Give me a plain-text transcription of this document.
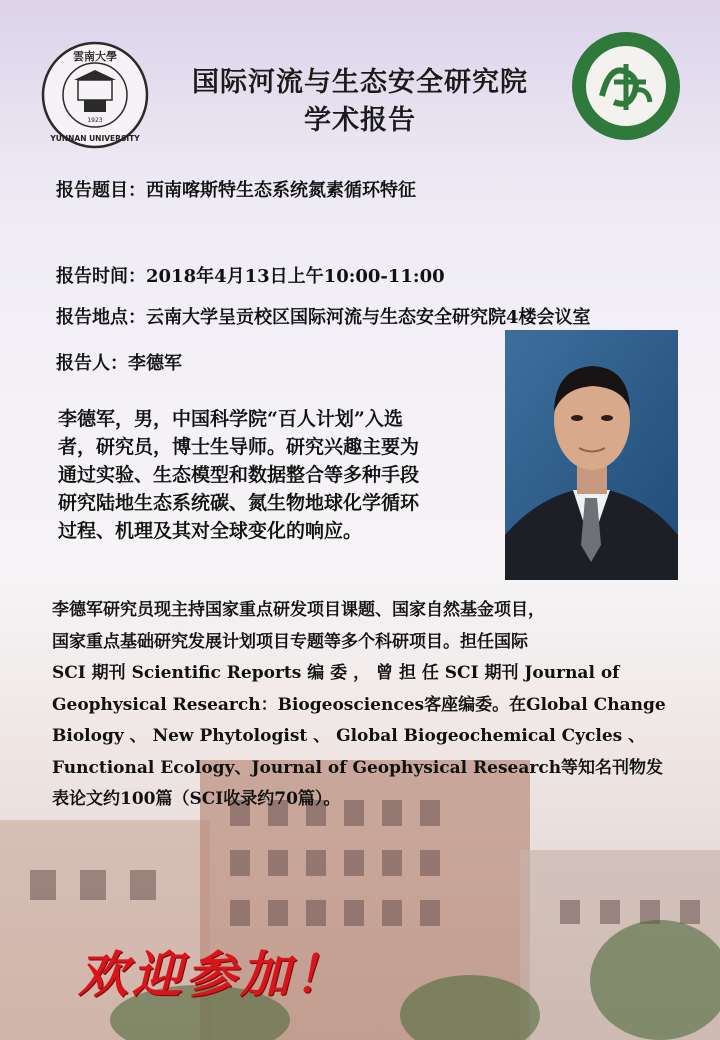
雲南大學
1923
YUNNAN UNIVERSITY
国际河流与生态安全研究院
学术报告
报告题目：西南喀斯特生态系统氮素循环特征
报告时间：2018年4月13日上午10:00-11:00
报告地点：云南大学呈贡校区国际河流与生态安全研究院4楼会议室
报告人：李德军
李德军，男，中国科学院“百人计划”入选
者，研究员，博士生导师。研究兴趣主要为
通过实验、生态模型和数据整合等多种手段
研究陆地生态系统碳、氮生物地球化学循环
过程、机理及其对全球变化的响应。
李德军研究员现主持国家重点研发项目课题、国家自然基金项目，
国家重点基础研究发展计划项目专题等多个科研项目。担任国际
SCI 期刊 Scientific Reports 编 委 ， 曾 担 任 SCI 期刊 Journal of
Geophysical Research：Biogeosciences客座编委。在Global Change
Biology 、 New Phytologist 、 Global Biogeochemical Cycles 、
Functional Ecology、Journal of Geophysical Research等知名刊物发
表论文约100篇（SCI收录约70篇）。
欢迎参加！
